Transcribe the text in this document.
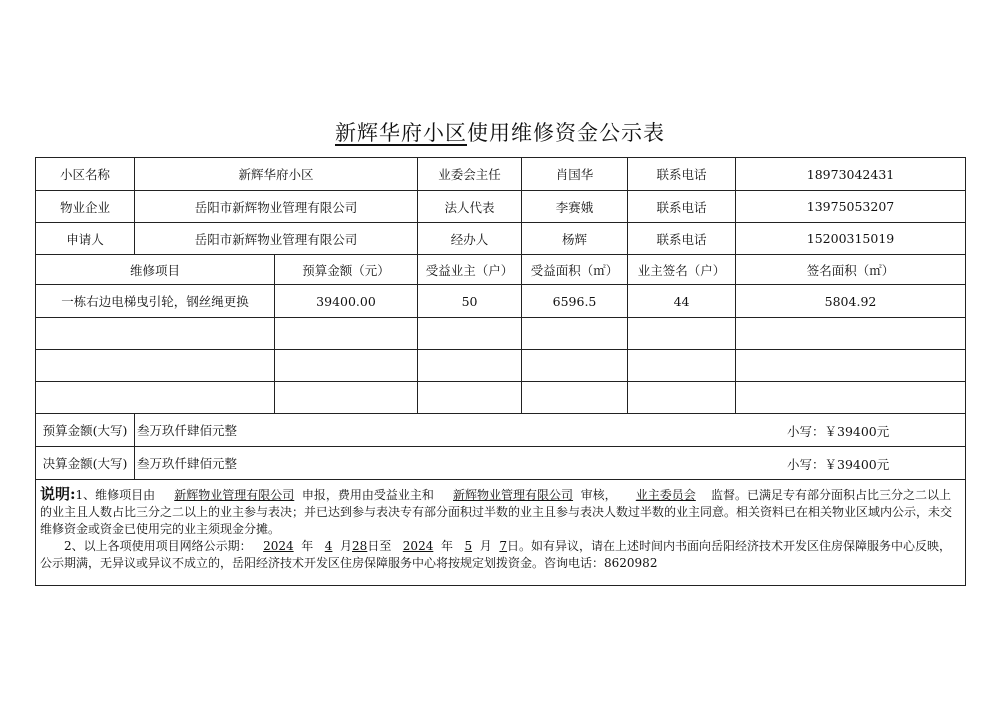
新辉华府小区使用维修资金公示表
小区名称	新辉华府小区		业委会主任	肖国华	联系电话	18973042431
物业企业	岳阳市新辉物业管理有限公司		法人代表	李赛娥	联系电话	13975053207
申请人	岳阳市新辉物业管理有限公司		经办人	杨辉	联系电话	15200315019
维修项目		预算金额（元）	受益业主（户）	受益面积（㎡）	业主签名（户）	签名面积（㎡）
一栋右边电梯曳引轮，钢丝绳更换		39400.00	50	6596.5	44	5804.92

预算金额(大写)	叁万玖仟肆佰元整 小写：￥39400元					

决算金额(大写)	叁万玖仟肆佰元整 小写：￥39400元					

说明:1、维修项目由 新辉物业管理有限公司 申报，费用由受益业主和 新辉物业管理有限公司 审核， 业主委员会 监督。已满足专有部分面积占比三分之二以上的业主且人数占比三分之二以上的业主参与表决；并已达到参与表决专有部分面积过半数的业主且参与表决人数过半数的业主同意。相关资料已在相关物业区域内公示，未交维修资金或资金已使用完的业主须现金分摊。
2、以上各项使用项目网络公示期： 2024 年 4 月28日至 2024 年 5 月 7日。如有异议，请在上述时间内书面向岳阳经济技术开发区住房保障服务中心反映，公示期满，无异议或异议不成立的，岳阳经济技术开发区住房保障服务中心将按规定划拨资金。咨询电话：8620982						
